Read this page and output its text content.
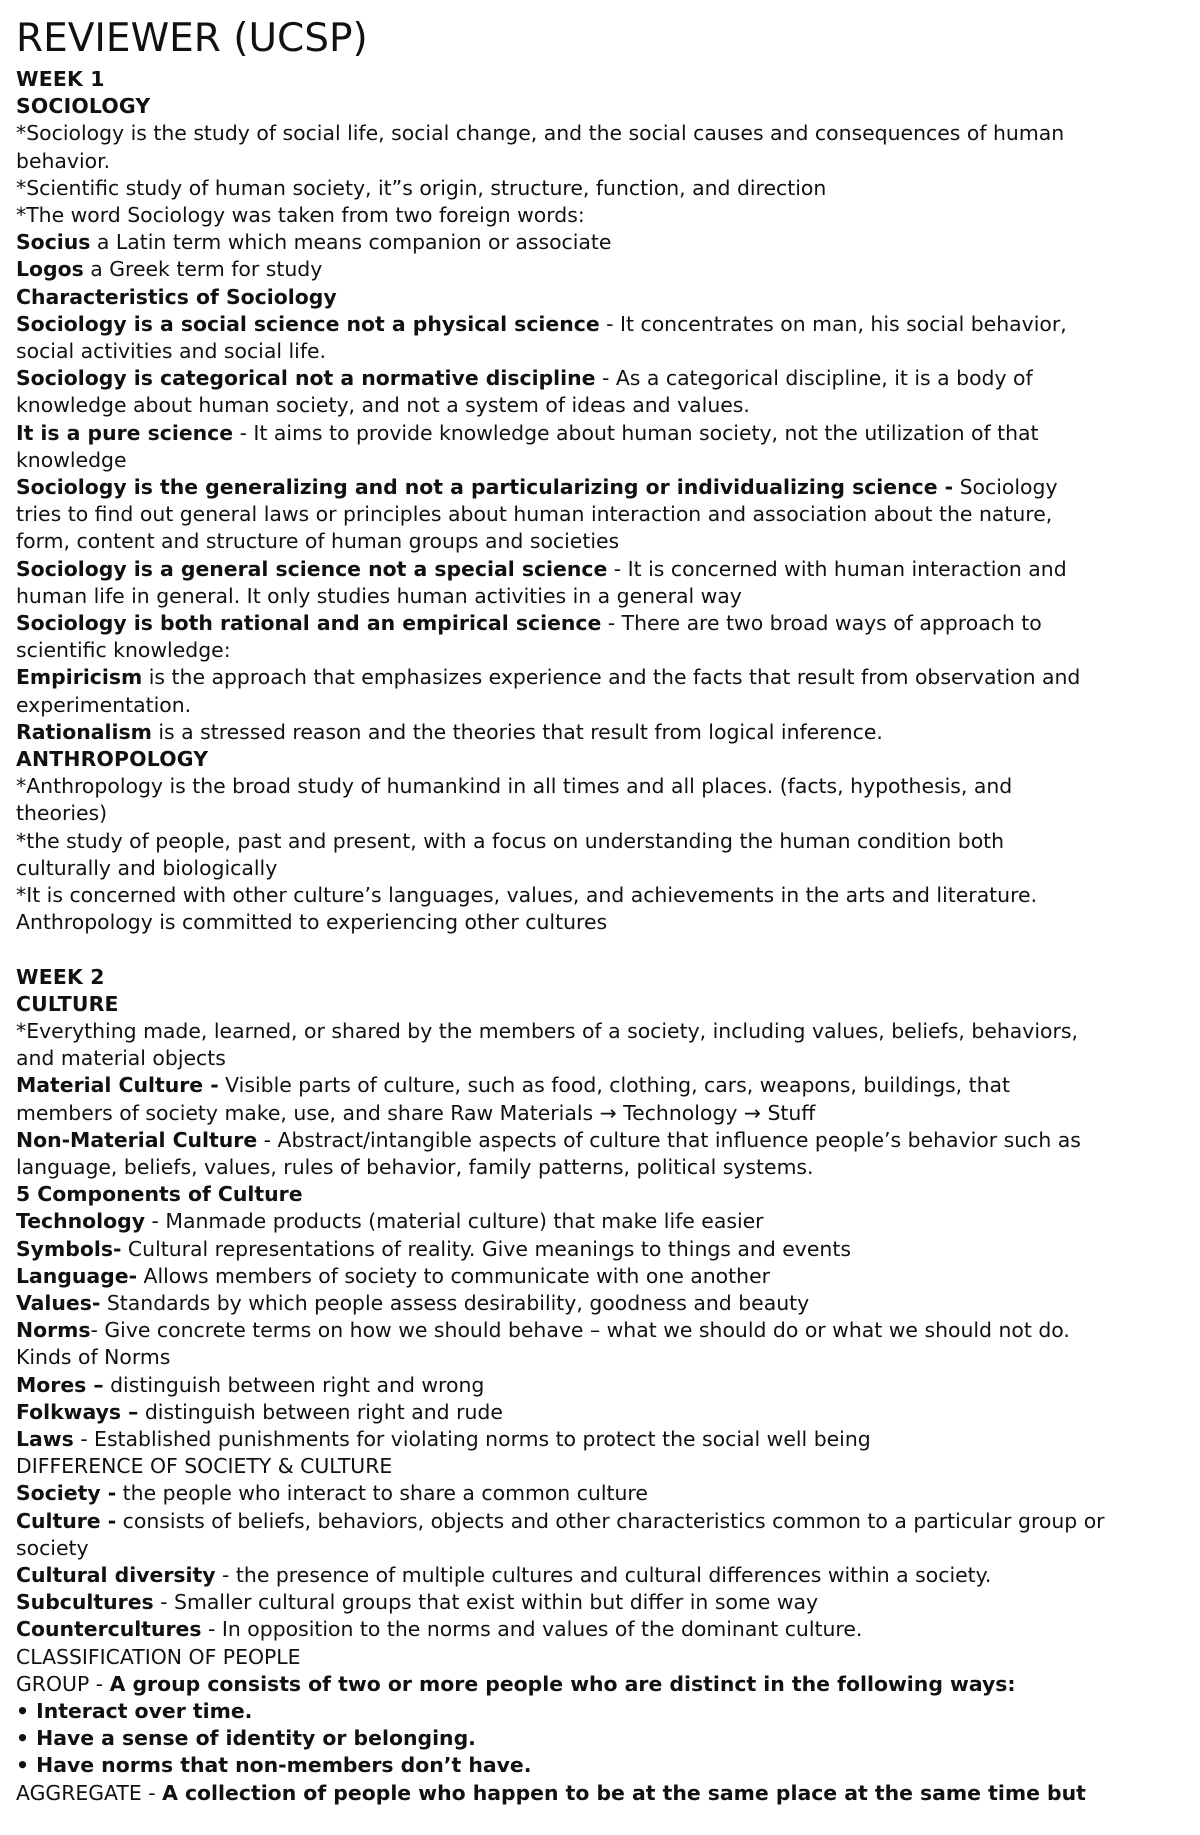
REVIEWER (UCSP)
WEEK 1
SOCIOLOGY
*Sociology is the study of social life, social change, and the social causes and consequences of human
behavior.
*Scientific study of human society, it”s origin, structure, function, and direction
*The word Sociology was taken from two foreign words:
Socius a Latin term which means companion or associate
Logos a Greek term for study
Characteristics of Sociology
Sociology is a social science not a physical science - It concentrates on man, his social behavior,
social activities and social life.
Sociology is categorical not a normative discipline - As a categorical discipline, it is a body of
knowledge about human society, and not a system of ideas and values.
It is a pure science - It aims to provide knowledge about human society, not the utilization of that
knowledge
Sociology is the generalizing and not a particularizing or individualizing science - Sociology
tries to find out general laws or principles about human interaction and association about the nature,
form, content and structure of human groups and societies
Sociology is a general science not a special science - It is concerned with human interaction and
human life in general. It only studies human activities in a general way
Sociology is both rational and an empirical science - There are two broad ways of approach to
scientific knowledge:
Empiricism is the approach that emphasizes experience and the facts that result from observation and
experimentation.
Rationalism is a stressed reason and the theories that result from logical inference.
ANTHROPOLOGY
*Anthropology is the broad study of humankind in all times and all places. (facts, hypothesis, and
theories)
*the study of people, past and present, with a focus on understanding the human condition both
culturally and biologically
*It is concerned with other culture’s languages, values, and achievements in the arts and literature.
Anthropology is committed to experiencing other cultures
WEEK 2
CULTURE
*Everything made, learned, or shared by the members of a society, including values, beliefs, behaviors,
and material objects
Material Culture - Visible parts of culture, such as food, clothing, cars, weapons, buildings, that
members of society make, use, and share Raw Materials → Technology → Stuff
Non-Material Culture - Abstract/intangible aspects of culture that influence people’s behavior such as
language, beliefs, values, rules of behavior, family patterns, political systems.
5 Components of Culture
Technology - Manmade products (material culture) that make life easier
Symbols- Cultural representations of reality. Give meanings to things and events
Language- Allows members of society to communicate with one another
Values- Standards by which people assess desirability, goodness and beauty
Norms- Give concrete terms on how we should behave – what we should do or what we should not do.
Kinds of Norms
Mores – distinguish between right and wrong
Folkways – distinguish between right and rude
Laws - Established punishments for violating norms to protect the social well being
DIFFERENCE OF SOCIETY & CULTURE
Society - the people who interact to share a common culture
Culture - consists of beliefs, behaviors, objects and other characteristics common to a particular group or
society
Cultural diversity - the presence of multiple cultures and cultural differences within a society.
Subcultures - Smaller cultural groups that exist within but differ in some way
Countercultures - In opposition to the norms and values of the dominant culture.
CLASSIFICATION OF PEOPLE
GROUP - A group consists of two or more people who are distinct in the following ways:
• Interact over time.
• Have a sense of identity or belonging.
• Have norms that non-members don’t have.
AGGREGATE - A collection of people who happen to be at the same place at the same time but
